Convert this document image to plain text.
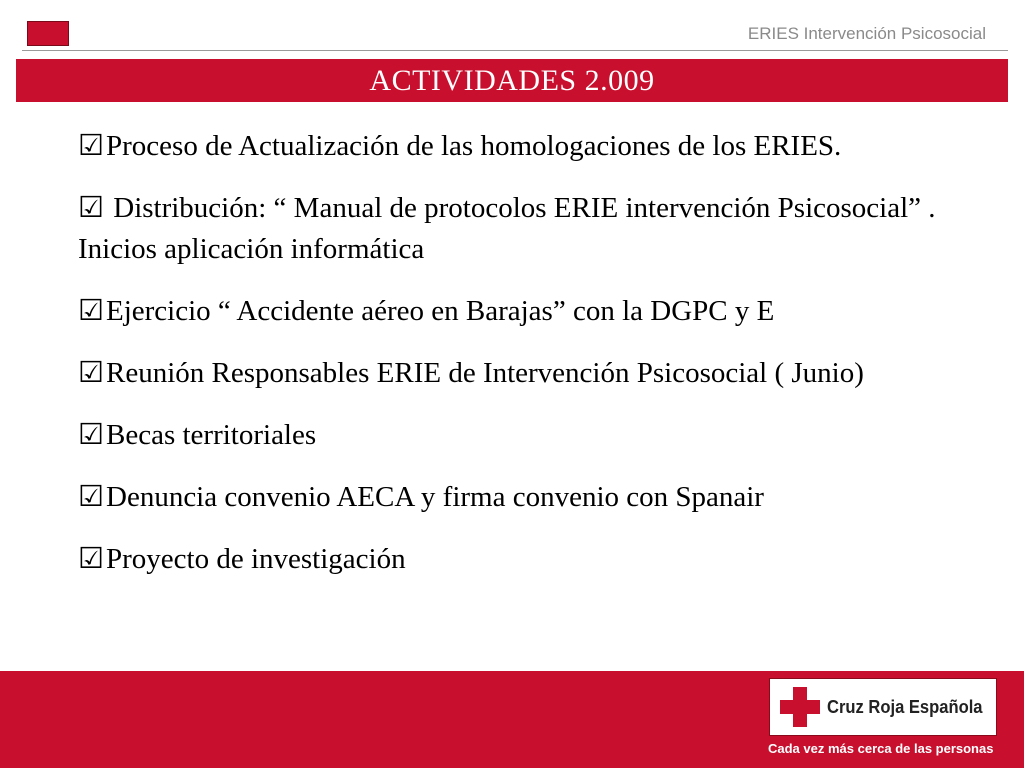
ERIES Intervención Psicosocial
ACTIVIDADES 2.009
☑Proceso de Actualización de las homologaciones de los ERIES.
☑ Distribución: “ Manual de protocolos ERIE intervención Psicosocial” . Inicios aplicación informática
☑Ejercicio “ Accidente aéreo en Barajas” con la DGPC y E
☑Reunión Responsables ERIE de Intervención Psicosocial ( Junio)
☑Becas territoriales
☑Denuncia convenio AECA y firma convenio con Spanair
☑Proyecto de investigación
Cruz Roja Española
Cada vez más cerca de las personas
